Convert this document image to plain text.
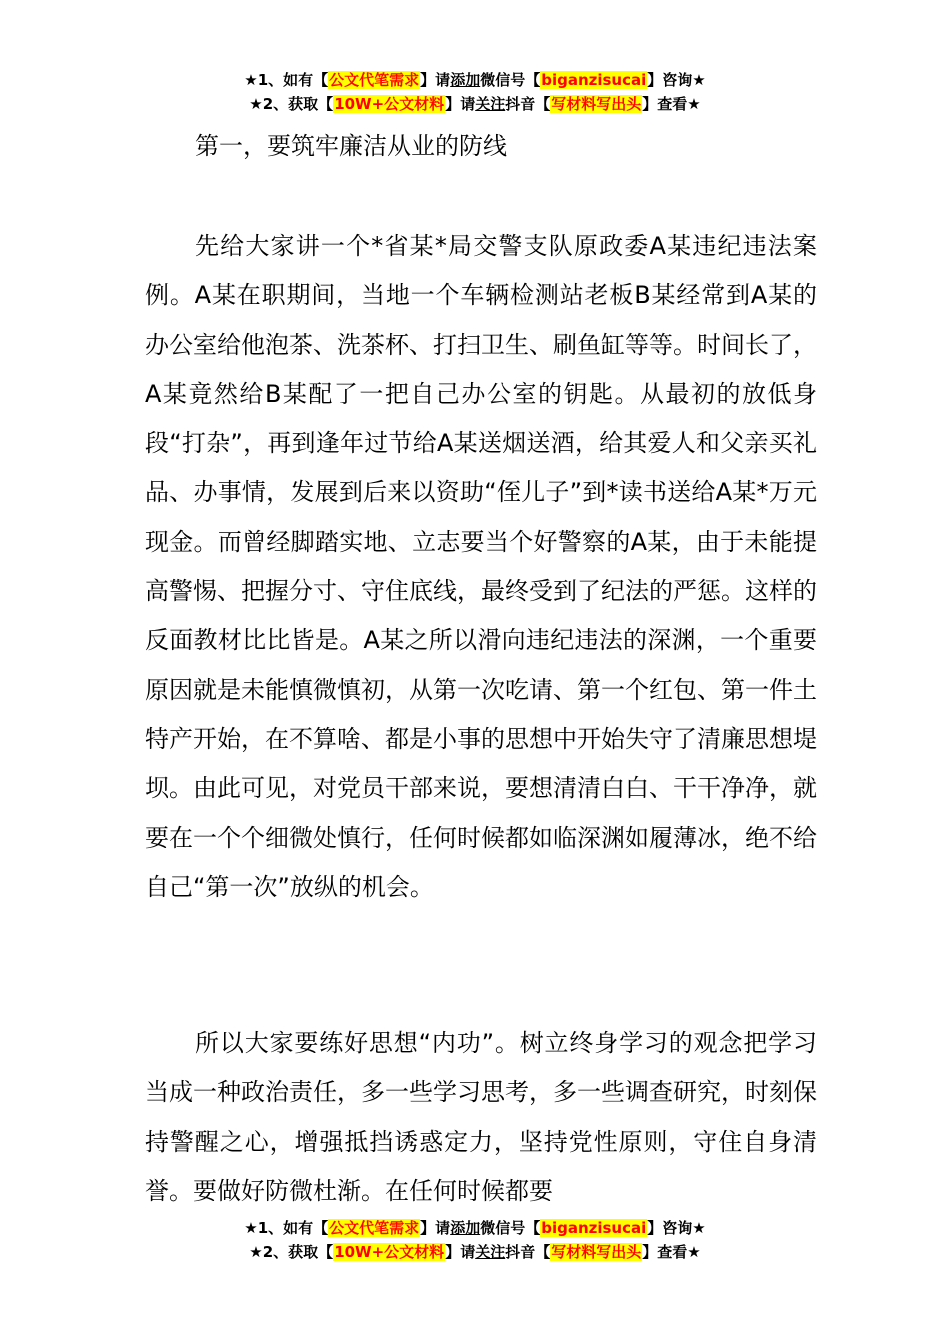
★1、如有【公文代笔需求】请添加微信号【biganzisucai】咨询★
★2、获取【10W+公文材料】请关注抖音【写材料写出头】查看★

第一，要筑牢廉洁从业的防线

先给大家讲一个*省某*局交警支队原政委A某违纪违法案例。A某在职期间，当地一个车辆检测站老板B某经常到A某的办公室给他泡茶、洗茶杯、打扫卫生、刷鱼缸等等。时间长了，A某竟然给B某配了一把自己办公室的钥匙。从最初的放低身段“打杂”，再到逢年过节给A某送烟送酒，给其爱人和父亲买礼品、办事情，发展到后来以资助“侄儿子”到*读书送给A某*万元现金。而曾经脚踏实地、立志要当个好警察的A某，由于未能提高警惕、把握分寸、守住底线，最终受到了纪法的严惩。这样的反面教材比比皆是。A某之所以滑向违纪违法的深渊，一个重要原因就是未能慎微慎初，从第一次吃请、第一个红包、第一件土特产开始，在不算啥、都是小事的思想中开始失守了清廉思想堤坝。由此可见，对党员干部来说，要想清清白白、干干净净，就要在一个个细微处慎行，任何时候都如临深渊如履薄冰，绝不给自己“第一次”放纵的机会。

所以大家要练好思想“内功”。树立终身学习的观念把学习当成一种政治责任，多一些学习思考，多一些调查研究，时刻保持警醒之心，增强抵挡诱惑定力，坚持党性原则，守住自身清誉。要做好防微杜渐。在任何时候都要

★1、如有【公文代笔需求】请添加微信号【biganzisucai】咨询★
★2、获取【10W+公文材料】请关注抖音【写材料写出头】查看★
